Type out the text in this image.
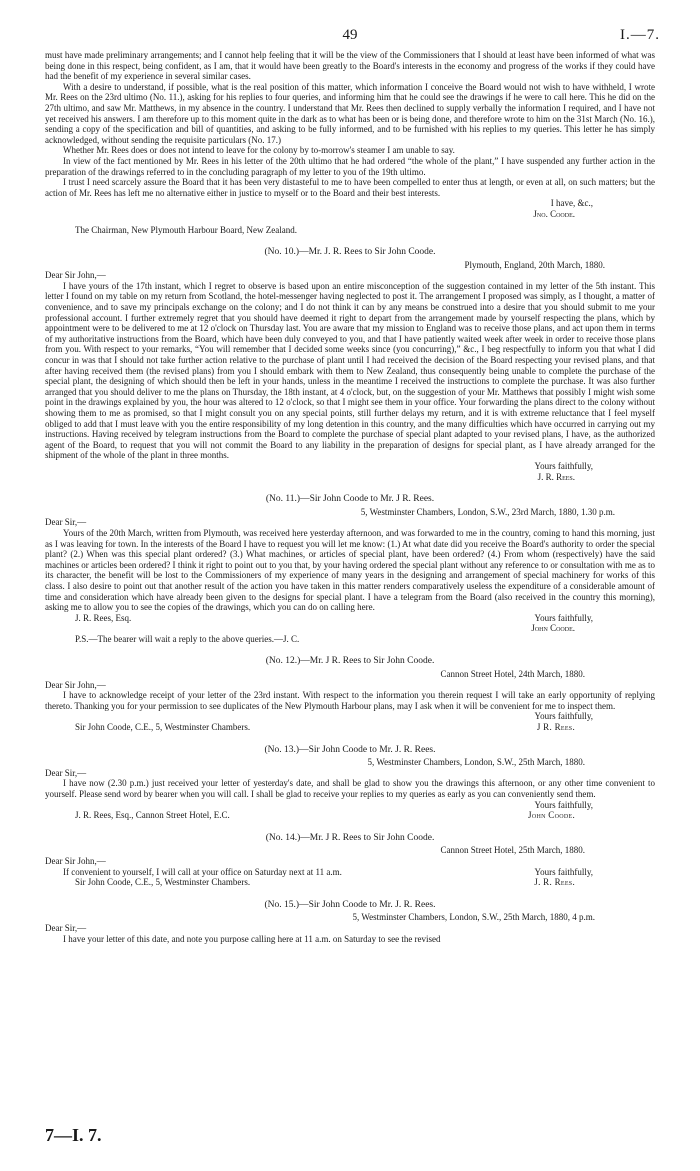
49	I.—7.

must have made preliminary arrangements; and I cannot help feeling that it will be the view of the Commissioners that I should at least have been informed of what was being done in this respect, being confident, as I am, that it would have been greatly to the Board's interests in the economy and progress of the works if they could have had the benefit of my experience in several similar cases.

With a desire to understand, if possible, what is the real position of this matter, which information I conceive the Board would not wish to have withheld, I wrote Mr. Rees on the 23rd ultimo (No. 11.), asking for his replies to four queries, and informing him that he could see the drawings if he were to call here. This he did on the 27th ultimo, and saw Mr. Matthews, in my absence in the country. I understand that Mr. Rees then declined to supply verbally the information I required, and I have not yet received his answers. I am therefore up to this moment quite in the dark as to what has been or is being done, and therefore wrote to him on the 31st March (No. 16.), sending a copy of the specification and bill of quantities, and asking to be fully informed, and to be furnished with his replies to my queries. This letter he has simply acknowledged, without sending the requisite particulars (No. 17.)

Whether Mr. Rees does or does not intend to leave for the colony by to-morrow's steamer I am unable to say.

In view of the fact mentioned by Mr. Rees in his letter of the 20th ultimo that he had ordered “the whole of the plant,” I have suspended any further action in the preparation of the drawings referred to in the concluding paragraph of my letter to you of the 19th ultimo.

I trust I need scarcely assure the Board that it has been very distasteful to me to have been compelled to enter thus at length, or even at all, on such matters; but the action of Mr. Rees has left me no alternative either in justice to myself or to the Board and their best interests.

I have, &c.,

Jno. Coode.

The Chairman, New Plymouth Harbour Board, New Zealand.

(No. 10.)—Mr. J. R. Rees to Sir John Coode.

Plymouth, England, 20th March, 1880.

Dear Sir John,—

I have yours of the 17th instant, which I regret to observe is based upon an entire misconception of the suggestion contained in my letter of the 5th instant. This letter I found on my table on my return from Scotland, the hotel-messenger having neglected to post it. The arrangement I proposed was simply, as I thought, a matter of convenience, and to save my principals exchange on the colony; and I do not think it can by any means be construed into a desire that you should submit to me your professional account. I further extremely regret that you should have deemed it right to depart from the arrangement made by yourself respecting the plans, which by appointment were to be delivered to me at 12 o'clock on Thursday last. You are aware that my mission to England was to receive those plans, and act upon them in terms of my authoritative instructions from the Board, which have been duly conveyed to you, and that I have patiently waited week after week in order to receive those plans from you. With respect to your remarks, “You will remember that I decided some weeks since (you concurring),” &c., I beg respectfully to inform you that what I did concur in was that I should not take further action relative to the purchase of plant until I had received the decision of the Board respecting your revised plans, and that after having received them (the revised plans) from you I should embark with them to New Zealand, thus consequently being unable to complete the purchase of the special plant, the designing of which should then be left in your hands, unless in the meantime I received the instructions to complete the purchase. It was also further arranged that you should deliver to me the plans on Thursday, the 18th instant, at 4 o'clock, but, on the suggestion of your Mr. Matthews that possibly I might wish some point in the drawings explained by you, the hour was altered to 12 o'clock, so that I might see them in your office. Your forwarding the plans direct to the colony without showing them to me as promised, so that I might consult you on any special points, still further delays my return, and it is with extreme reluctance that I feel myself obliged to add that I must leave with you the entire responsibility of my long detention in this country, and the many difficulties which have occurred in carrying out my instructions. Having received by telegram instructions from the Board to complete the purchase of special plant adapted to your revised plans, I have, as the authorized agent of the Board, to request that you will not commit the Board to any liability in the preparation of designs for special plant, as I have already arranged for the shipment of the whole of the plant in three months.

Yours faithfully,

J. R. Rees.

(No. 11.)—Sir John Coode to Mr. J R. Rees.

5, Westminster Chambers, London, S.W., 23rd March, 1880, 1.30 p.m.

Dear Sir,—

Yours of the 20th March, written from Plymouth, was received here yesterday afternoon, and was forwarded to me in the country, coming to hand this morning, just as I was leaving for town. In the interests of the Board I have to request you will let me know: (1.) At what date did you receive the Board's authority to order the special plant? (2.) When was this special plant ordered? (3.) What machines, or articles of special plant, have been ordered? (4.) From whom (respectively) have the said machines or articles been ordered? I think it right to point out to you that, by your having ordered the special plant without any reference to or consultation with me as to its character, the benefit will be lost to the Commissioners of my experience of many years in the designing and arrangement of special machinery for works of this class. I also desire to point out that another result of the action you have taken in this matter renders comparatively useless the expenditure of a considerable amount of time and consideration which have already been given to the designs for special plant. I have a telegram from the Board (also received in the country this morning), asking me to allow you to see the copies of the drawings, which you can do on calling here.

J. R. Rees, Esq.	Yours faithfully,

John Coode.

P.S.—The bearer will wait a reply to the above queries.—J. C.

(No. 12.)—Mr. J R. Rees to Sir John Coode.

Cannon Street Hotel, 24th March, 1880.

Dear Sir John,—

I have to acknowledge receipt of your letter of the 23rd instant. With respect to the information you therein request I will take an early opportunity of replying thereto. Thanking you for your permission to see duplicates of the New Plymouth Harbour plans, may I ask when it will be convenient for me to inspect them.

Yours faithfully,

Sir John Coode, C.E., 5, Westminster Chambers.	J R. Rees.
(No. 13.)—Sir John Coode to Mr. J. R. Rees.

5, Westminster Chambers, London, S.W., 25th March, 1880.

Dear Sir,—

I have now (2.30 p.m.) just received your letter of yesterday's date, and shall be glad to show you the drawings this afternoon, or any other time convenient to yourself. Please send word by bearer when you will call. I shall be glad to receive your replies to my queries as early as you can conveniently send them.

Yours faithfully,

J. R. Rees, Esq., Cannon Street Hotel, E.C.	John Coode.
(No. 14.)—Mr. J R. Rees to Sir John Coode.

Cannon Street Hotel, 25th March, 1880.

Dear Sir John,—

If convenient to yourself, I will call at your office on Saturday next at 11 a.m.	Yours faithfully,
Sir John Coode, C.E., 5, Westminster Chambers.	J. R. Rees.
(No. 15.)—Sir John Coode to Mr. J. R. Rees.

5, Westminster Chambers, London, S.W., 25th March, 1880, 4 p.m.

Dear Sir,—

I have your letter of this date, and note you purpose calling here at 11 a.m. on Saturday to see the revised

7—I. 7.
